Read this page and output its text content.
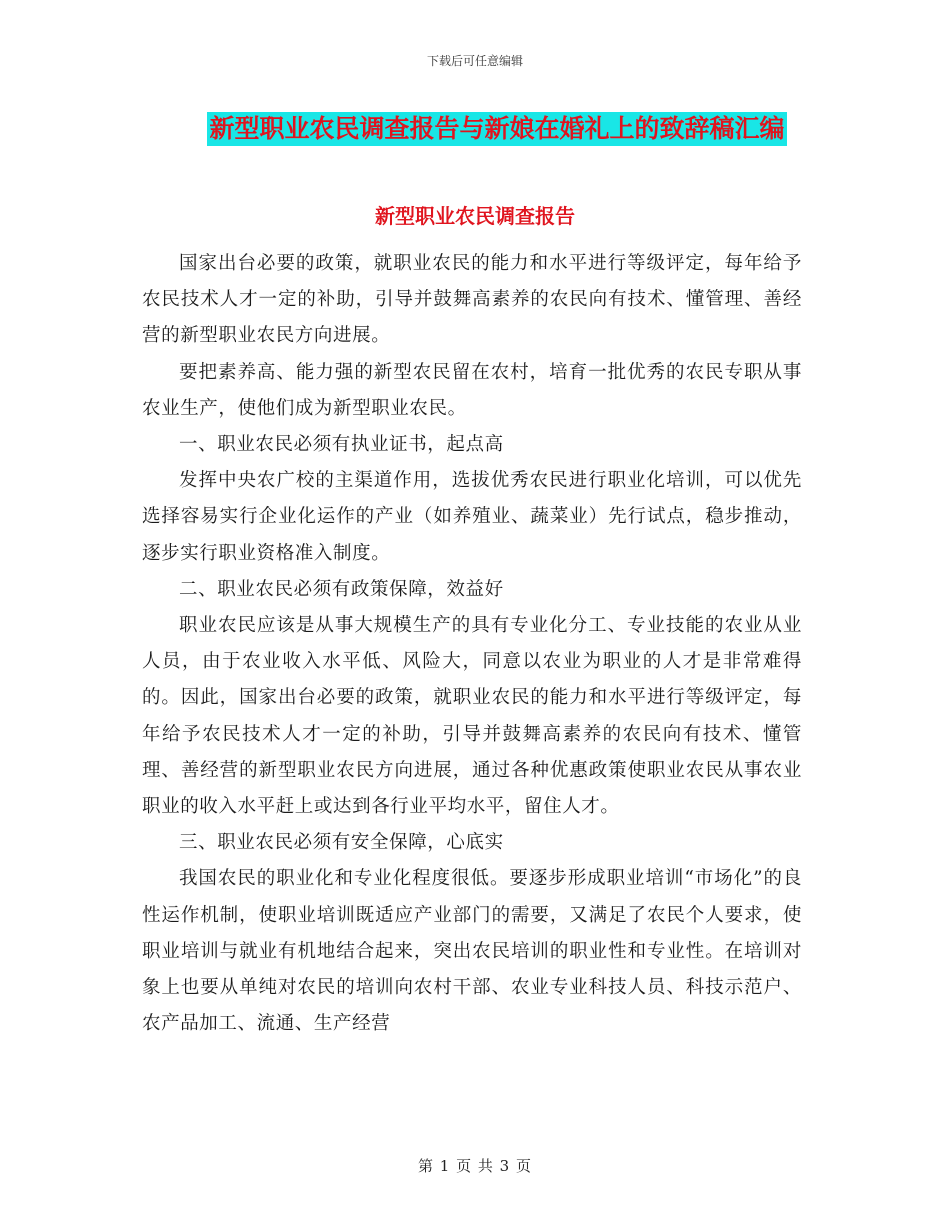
下载后可任意编辑
新型职业农民调查报告与新娘在婚礼上的致辞稿汇编
新型职业农民调查报告

国家出台必要的政策，就职业农民的能力和水平进行等级评定，每年给予农民技术人才一定的补助，引导并鼓舞高素养的农民向有技术、懂管理、善经营的新型职业农民方向进展。

要把素养高、能力强的新型农民留在农村，培育一批优秀的农民专职从事农业生产，使他们成为新型职业农民。

一、职业农民必须有执业证书，起点高

发挥中央农广校的主渠道作用，选拔优秀农民进行职业化培训，可以优先选择容易实行企业化运作的产业（如养殖业、蔬菜业）先行试点，稳步推动，逐步实行职业资格准入制度。

二、职业农民必须有政策保障，效益好

职业农民应该是从事大规模生产的具有专业化分工、专业技能的农业从业人员，由于农业收入水平低、风险大，同意以农业为职业的人才是非常难得的。因此，国家出台必要的政策，就职业农民的能力和水平进行等级评定，每年给予农民技术人才一定的补助，引导并鼓舞高素养的农民向有技术、懂管理、善经营的新型职业农民方向进展，通过各种优惠政策使职业农民从事农业职业的收入水平赶上或达到各行业平均水平，留住人才。

三、职业农民必须有安全保障，心底实

我国农民的职业化和专业化程度很低。要逐步形成职业培训“市场化”的良性运作机制，使职业培训既适应产业部门的需要，又满足了农民个人要求，使职业培训与就业有机地结合起来，突出农民培训的职业性和专业性。在培训对象上也要从单纯对农民的培训向农村干部、农业专业科技人员、科技示范户、农产品加工、流通、生产经营

第 1 页 共 3 页
